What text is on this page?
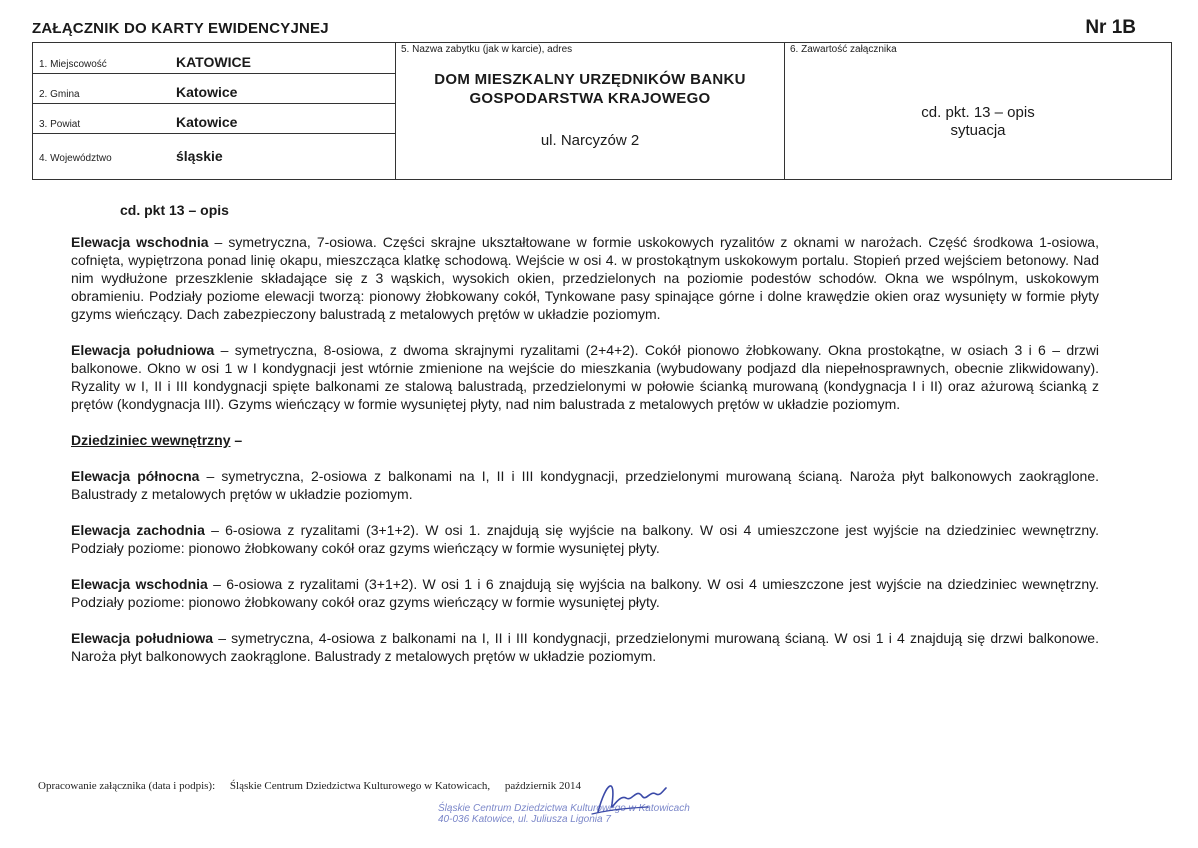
ZAŁĄCZNIK DO KARTY EWIDENCYJNEJ	Nr 1B
1. Miejscowość	KATOWICE
2. Gmina	Katowice
3. Powiat	Katowice
4. Województwo	śląskie
5. Nazwa zabytku (jak w karcie), adres
DOM MIESZKALNY URZĘDNIKÓW BANKU
GOSPODARSTWA KRAJOWEGO
ul. Narcyzów 2
6. Zawartość załącznika
cd. pkt. 13 – opis
sytuacja
cd. pkt 13 – opis

Elewacja wschodnia – symetryczna, 7-osiowa. Części skrajne ukształtowane w formie uskokowych ryzalitów z oknami w narożach. Część środkowa 1-osiowa, cofnięta, wypiętrzona ponad linię okapu, mieszcząca klatkę schodową. Wejście w osi 4. w prostokątnym uskokowym portalu. Stopień przed wejściem betonowy. Nad nim wydłużone przeszklenie składające się z 3 wąskich, wysokich okien, przedzielonych na poziomie podestów schodów. Okna we wspólnym, uskokowym obramieniu. Podziały poziome elewacji tworzą: pionowy żłobkowany cokół, Tynkowane pasy spinające górne i dolne krawędzie okien oraz wysunięty w formie płyty gzyms wieńczący. Dach zabezpieczony balustradą z metalowych prętów w układzie poziomym.

Elewacja południowa – symetryczna, 8-osiowa, z dwoma skrajnymi ryzalitami (2+4+2). Cokół pionowo żłobkowany. Okna prostokątne, w osiach 3 i 6 – drzwi balkonowe. Okno w osi 1 w I kondygnacji jest wtórnie zmienione na wejście do mieszkania (wybudowany podjazd dla niepełnosprawnych, obecnie zlikwidowany). Ryzality w I, II i III kondygnacji spięte balkonami ze stalową balustradą, przedzielonymi w połowie ścianką murowaną (kondygnacja I i II) oraz ażurową ścianką z prętów (kondygnacja III). Gzyms wieńczący w formie wysuniętej płyty, nad nim balustrada z metalowych prętów w układzie poziomym.

Dziedziniec wewnętrzny –

Elewacja północna – symetryczna, 2-osiowa z balkonami na I, II i III kondygnacji, przedzielonymi murowaną ścianą. Naroża płyt balkonowych zaokrąglone. Balustrady z metalowych prętów w układzie poziomym.

Elewacja zachodnia – 6-osiowa z ryzalitami (3+1+2). W osi 1. znajdują się wyjście na balkony. W osi 4 umieszczone jest wyjście na dziedziniec wewnętrzny. Podziały poziome: pionowo żłobkowany cokół oraz gzyms wieńczący w formie wysuniętej płyty.

Elewacja wschodnia – 6-osiowa z ryzalitami (3+1+2). W osi 1 i 6 znajdują się wyjścia na balkony. W osi 4 umieszczone jest wyjście na dziedziniec wewnętrzny. Podziały poziome: pionowo żłobkowany cokół oraz gzyms wieńczący w formie wysuniętej płyty.

Elewacja południowa – symetryczna, 4-osiowa z balkonami na I, II i III kondygnacji, przedzielonymi murowaną ścianą. W osi 1 i 4 znajdują się drzwi balkonowe. Naroża płyt balkonowych zaokrąglone. Balustrady z metalowych prętów w układzie poziomym.

Opracowanie załącznika (data i podpis): Śląskie Centrum Dziedzictwa Kulturowego w Katowicach, październik 2014
Śląskie Centrum Dziedzictwa Kulturowego w Katowicach
40-036 Katowice, ul. Juliusza Ligonia 7
